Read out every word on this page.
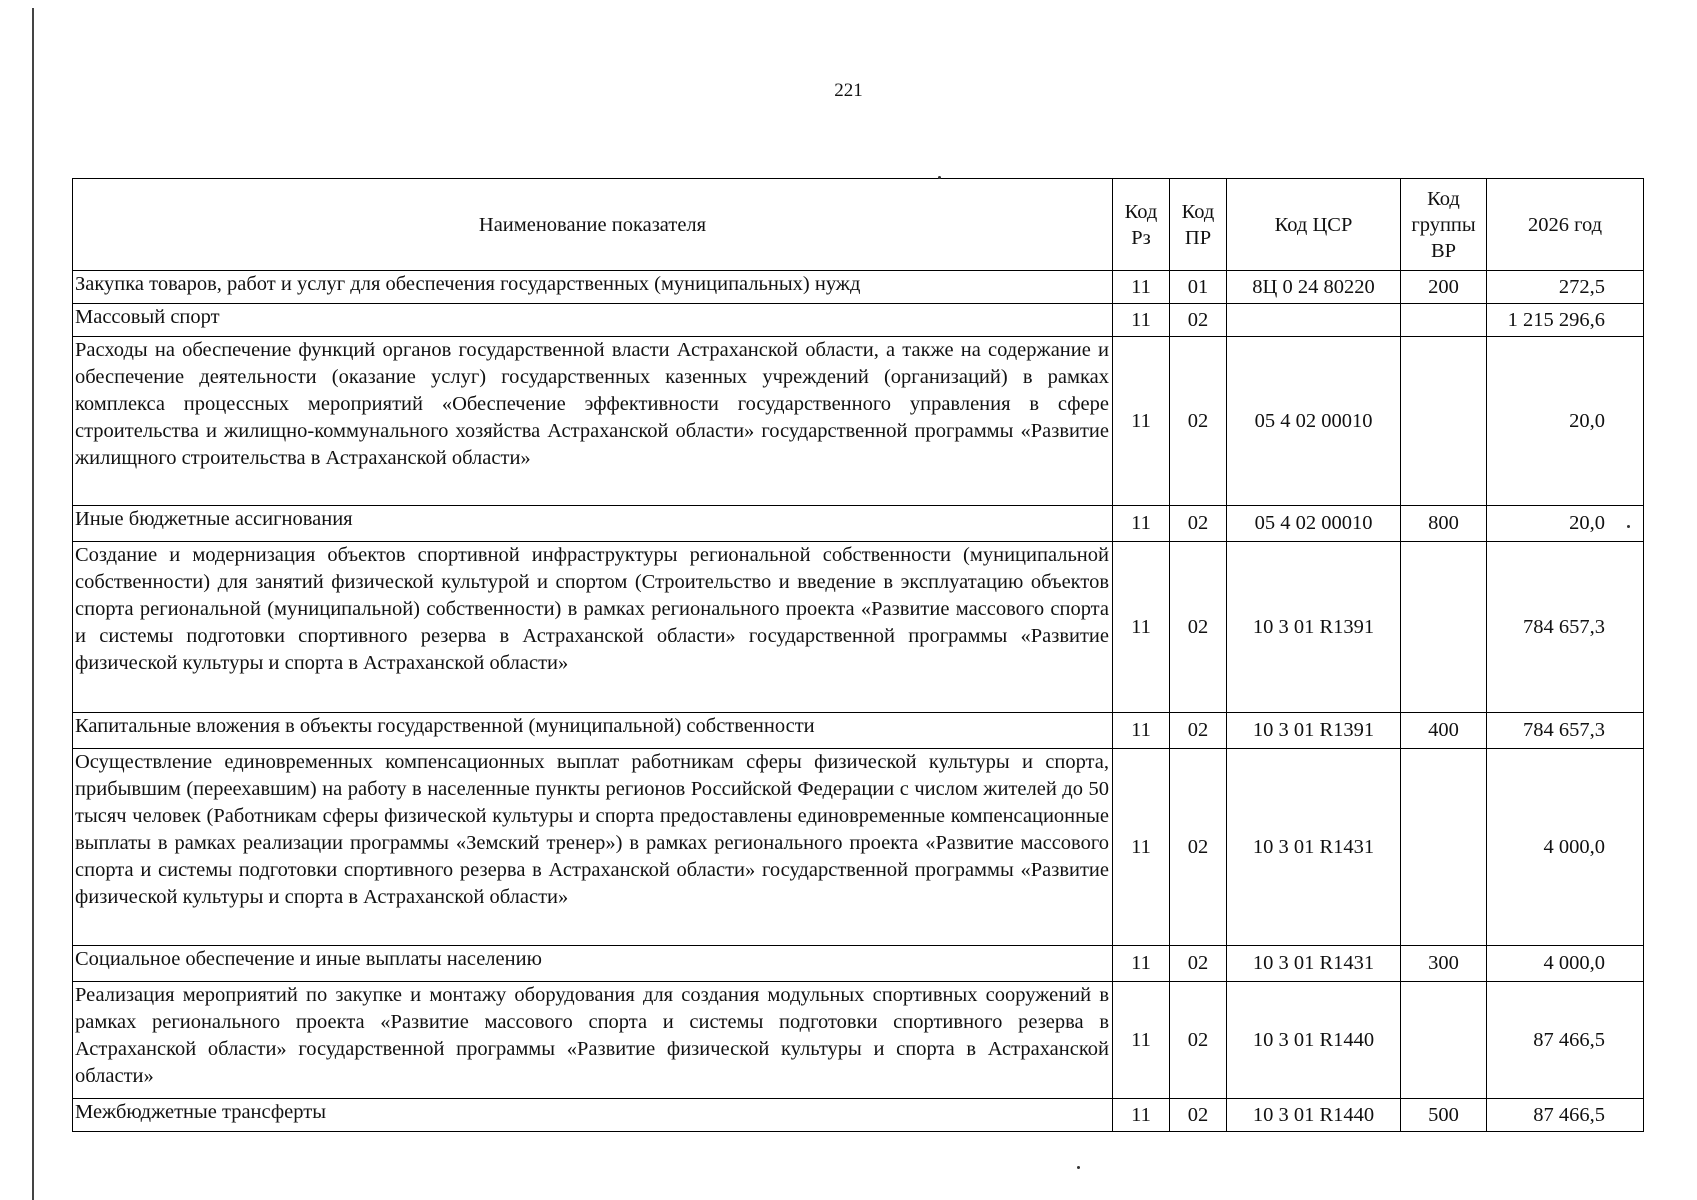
221
Наименование показателя	Код Рз	Код ПР	Код ЦСР	Код группы ВР	2026 год
Закупка товаров, работ и услуг для обеспечения государственных (муниципальных) нужд	11	01	8Ц 0 24 80220	200	272,5
Массовый спорт	11	02			1 215 296,6
Расходы на обеспечение функций органов государственной власти Астраханской области, а также на содержание и обеспечение деятельности (оказание услуг) государственных казенных учреждений (организаций) в рамках комплекса процессных мероприятий «Обеспечение эффективности государственного управления в сфере строительства и жилищно-коммунального хозяйства Астраханской области» государственной программы «Развитие жилищного строительства в Астраханской области»	11	02	05 4 02 00010		20,0
Иные бюджетные ассигнования	11	02	05 4 02 00010	800	20,0
Создание и модернизация объектов спортивной инфраструктуры региональной собственности (муниципальной собственности) для занятий физической культурой и спортом (Строительство и введение в эксплуатацию объектов спорта региональной (муниципальной) собственности) в рамках регионального проекта «Развитие массового спорта и системы подготовки спортивного резерва в Астраханской области» государственной программы «Развитие физической культуры и спорта в Астраханской области»	11	02	10 3 01 R1391		784 657,3
Капитальные вложения в объекты государственной (муниципальной) собственности	11	02	10 3 01 R1391	400	784 657,3
Осуществление единовременных компенсационных выплат работникам сферы физической культуры и спорта, прибывшим (переехавшим) на работу в населенные пункты регионов Российской Федерации с числом жителей до 50 тысяч человек (Работникам сферы физической культуры и спорта предоставлены единовременные компенсационные выплаты в рамках реализации программы «Земский тренер») в рамках регионального проекта «Развитие массового спорта и системы подготовки спортивного резерва в Астраханской области» государственной программы «Развитие физической культуры и спорта в Астраханской области»	11	02	10 3 01 R1431		4 000,0
Социальное обеспечение и иные выплаты населению	11	02	10 3 01 R1431	300	4 000,0
Реализация мероприятий по закупке и монтажу оборудования для создания модульных спортивных сооружений в рамках регионального проекта «Развитие массового спорта и системы подготовки спортивного резерва в Астраханской области» государственной программы «Развитие физической культуры и спорта в Астраханской области»	11	02	10 3 01 R1440		87 466,5
Межбюджетные трансферты	11	02	10 3 01 R1440	500	87 466,5
